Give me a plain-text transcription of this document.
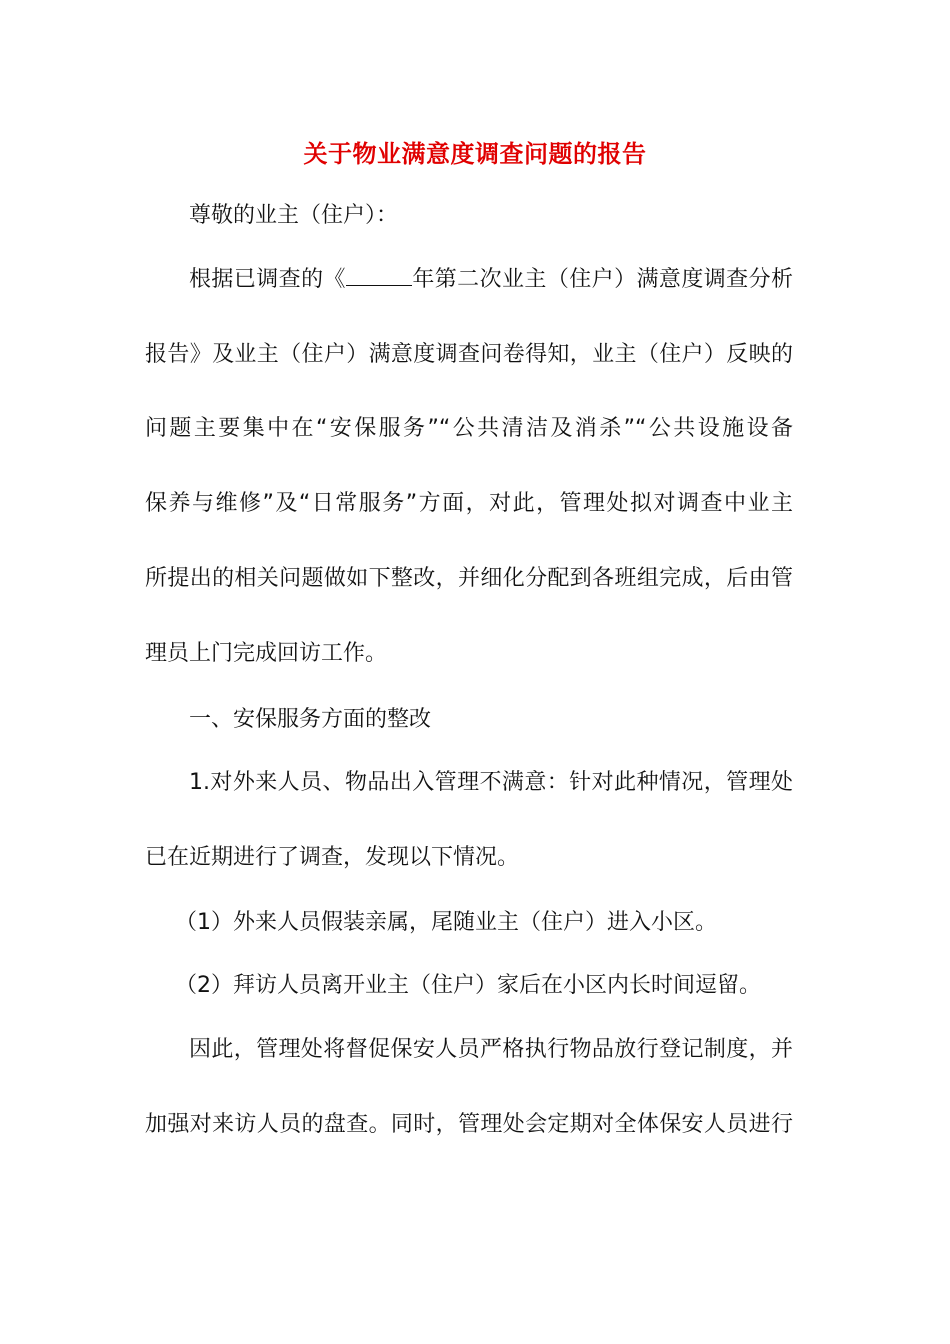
关于物业满意度调查问题的报告
尊敬的业主（住户）：
根据已调查的《	年第二次业主（住户）满意度调查分析
报告》及业主（住户）满意度调查问卷得知，业主（住户）反映的
问题主要集中在“安保服务”“公共清洁及消杀”“公共设施设备
保养与维修”及“日常服务”方面，对此，管理处拟对调查中业主
所提出的相关问题做如下整改，并细化分配到各班组完成，后由管
理员上门完成回访工作。
一、安保服务方面的整改
1.对外来人员、物品出入管理不满意：针对此种情况，管理处
已在近期进行了调查，发现以下情况。
（1）外来人员假装亲属，尾随业主（住户）进入小区。
（2）拜访人员离开业主（住户）家后在小区内长时间逗留。
因此，管理处将督促保安人员严格执行物品放行登记制度，并
加强对来访人员的盘查。同时，管理处会定期对全体保安人员进行
